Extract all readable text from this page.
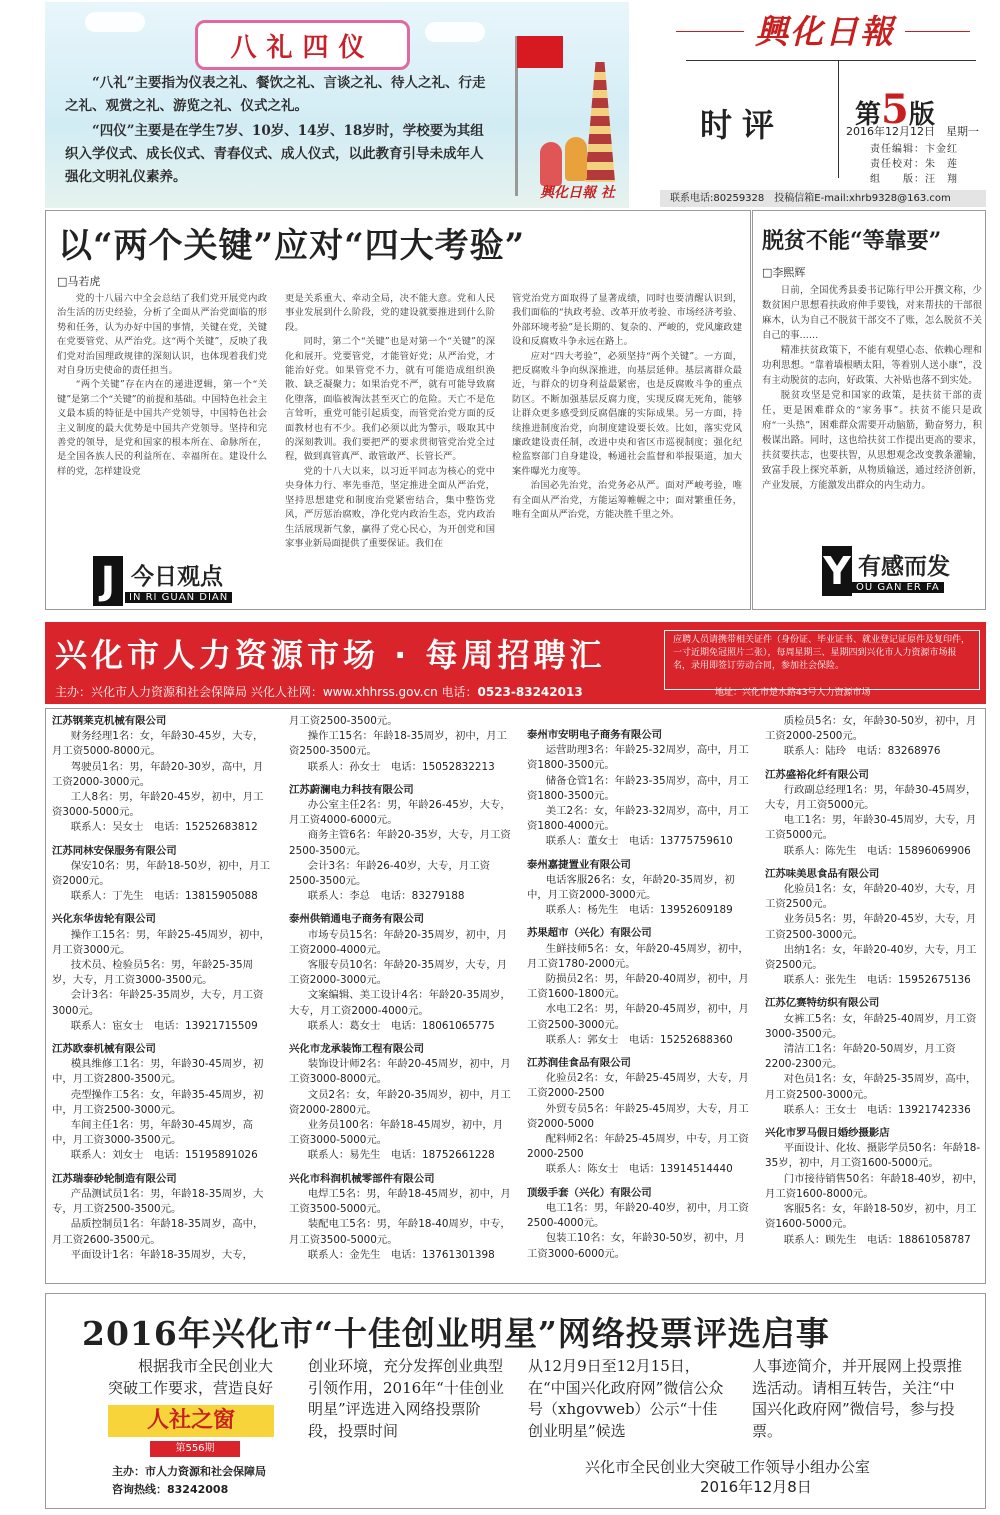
八礼四仪
“八礼”主要指为仪表之礼、餐饮之礼、言谈之礼、待人之礼、行走之礼、观赏之礼、游览之礼、仪式之礼。
“四仪”主要是在学生7岁、10岁、14岁、18岁时，学校要为其组织入学仪式、成长仪式、青春仪式、成人仪式，以此教育引导未成年人强化文明礼仪素养。
興化日報 社
興化日報
时评	第5版
2016年12月12日　星期一
责任编辑：卞金红
责任校对：朱　莲
组　　版：汪　翔
联系电话:80259328　投稿信箱E-mail:xhrb9328@163.com
以“两个关键”应对“四大考验”
□马若虎

党的十八届六中全会总结了我们党开展党内政治生活的历史经验，分析了全面从严治党面临的形势和任务，认为办好中国的事情，关键在党，关键在党要管党、从严治党。这“两个关键”，反映了我们党对治国理政规律的深刻认识，也体现着我们党对自身历史使命的责任担当。

“两个关键”存在内在的递进逻辑，第一个“关键”是第二个“关键”的前提和基础。中国特色社会主义最本质的特征是中国共产党领导，中国特色社会主义制度的最大优势是中国共产党领导。坚持和完善党的领导，是党和国家的根本所在、命脉所在，是全国各族人民的利益所在、幸福所在。建设什么样的党，怎样建设党

更是关系重大、牵动全局，决不能大意。党和人民事业发展到什么阶段，党的建设就要推进到什么阶段。

同时，第二个“关键”也是对第一个“关键”的深化和展开。党要管党，才能管好党；从严治党，才能治好党。如果管党不力，就有可能造成组织涣散、缺乏凝聚力；如果治党不严，就有可能导致腐化堕落，面临被淘汰甚至灭亡的危险。天亡不是危言耸听，重党可能引起质变，而管党治党方面的反面教材也有不少。我们必须以此为警示，吸取其中的深刻教训。我们要把严的要求贯彻管党治党全过程，做到真管真严、敢管敢严、长管长严。

党的十八大以来，以习近平同志为核心的党中央身体力行、率先垂范，坚定推进全面从严治党，坚持思想建党和制度治党紧密结合，集中整饬党风，严厉惩治腐败，净化党内政治生态，党内政治生活展现新气象，赢得了党心民心，为开创党和国家事业新局面提供了重要保证。我们在

管党治党方面取得了显著成绩，同时也要清醒认识到，我们面临的“执政考验、改革开放考验、市场经济考验、外部环境考验”是长期的、复杂的、严峻的，党风廉政建设和反腐败斗争永远在路上。

应对“四大考验”，必须坚持“两个关键”。一方面，把反腐败斗争向纵深推进，向基层延伸。基层离群众最近，与群众的切身利益最紧密，也是反腐败斗争的重点防区。不断加强基层反腐力度，实现反腐无死角，能够让群众更多感受到反腐倡廉的实际成果。另一方面，持续推进制度治党，向制度建设要长效。比如，落实党风廉政建设责任制，改进中央和省区市巡视制度；强化纪检监察部门自身建设，畅通社会监督和举报渠道，加大案件曝光力度等。

治国必先治党，治党务必从严。面对严峻考验，唯有全面从严治党，方能运筹帷幄之中；面对繁重任务，唯有全面从严治党，方能决胜千里之外。

J 今日观点
IN RI GUAN DIAN
脱贫不能“等靠要”
□李熙辉

日前，全国优秀县委书记陈行甲公开撰文称，少数贫困户思想看扶政府伸手要钱，对来帮扶的干部很麻木，认为自己不脱贫干部交不了账，怎么脱贫不关自己的事……

精准扶贫政策下，不能有观望心态、依赖心理和功利思想。“靠着墙根晒太阳，等着别人送小康”，没有主动脱贫的志向，好政策、大补贴也落不到实处。

脱贫攻坚是党和国家的政策，是扶贫干部的责任，更是困难群众的“家务事”。扶贫不能只是政府“一头热”，困难群众需要开动脑筋，勤奋努力，积极谋出路。同时，这也给扶贫工作提出更高的要求，扶贫要扶志，也要扶智，从思想观念改变教条灌输，致富手段上探究革新，从物质输送，通过经济创新，产业发展，方能激发出群众的内生动力。

Y 有感而发
OU GAN ER FA
兴化市人力资源市场 · 每周招聘汇
主办：兴化市人力资源和社会保障局 兴化人社网：www.xhhrss.gov.cn 电话：0523-83242013
应聘人员请携带相关证件（身份证、毕业证书、就业登记证原件及复印件，一寸近期免冠照片二张），每周星期三、星期四到兴化市人力资源市场报名，录用即签订劳动合同，参加社会保险。
地址：兴化市楚水路43号人力资源市场
江苏钢莱克机械有限公司
财务经理1名：女，年龄30-45岁，大专，月工资5000-8000元。
驾驶员1名：男，年龄20-30岁，高中，月工资2000-3000元。
工人8名：男，年龄20-45岁，初中，月工资3000-5000元。
联系人：吴女士　电话：15252683812
江苏同林安保服务有限公司
保安10名：男，年龄18-50岁，初中，月工资2000元。
联系人：丁先生　电话：13815905088
兴化东华齿轮有限公司
操作工15名：男，年龄25-45周岁，初中，月工资3000元。
技术员、检验员5名：男，年龄25-35周岁，大专，月工资3000-3500元。
会计3名：年龄25-35周岁，大专，月工资3000元。
联系人：宦女士　电话：13921715509
江苏欧泰机械有限公司
模具维修工1名：男，年龄30-45周岁，初中，月工资2800-3500元。
売型操作工5名：女，年龄35-45周岁，初中，月工资2500-3000元。
车间主任1名：男，年龄30-45周岁，高中，月工资3000-3500元。
联系人：刘女士　电话：15195891026
江苏瑞泰砂轮制造有限公司
产品测试员1名：男，年龄18-35周岁，大专，月工资2500-3500元。
品质控制员1名：年龄18-35周岁，高中，月工资2600-3500元。
平面设计1名：年龄18-35周岁，大专，
月工资2500-3500元。
操作工15名：年龄18-35周岁，初中，月工资2500-3500元。
联系人：孙女士　电话：15052832213
江苏蔚澜电力科技有限公司
办公室主任2名：男，年龄26-45岁，大专，月工资4000-6000元。
商务主管6名：年龄20-35岁，大专，月工资2500-3500元。
会计3名：年龄26-40岁，大专，月工资2500-3500元。
联系人：李总　电话：83279188
泰州供销通电子商务有限公司
市场专员15名：年龄20-35周岁，初中，月工资2000-4000元。
客服专员10名：年龄20-35周岁，大专，月工资2000-3000元。
文案编辑、美工设计4名：年龄20-35周岁，大专，月工资2000-4000元。
联系人：葛女士　电话：18061065775
兴化市龙承装饰工程有限公司
装饰设计师2名：年龄20-45周岁，初中，月工资3000-8000元。
文员2名：女，年龄20-35周岁，初中，月工资2000-2800元。
业务员100名：年龄18-45周岁，初中，月工资3000-5000元。
联系人：易先生　电话：18752661228
兴化市科润机械零部件有限公司
电焊工5名：男，年龄18-45周岁，初中，月工资3500-5000元。
装配电工5名：男，年龄18-40周岁，中专，月工资3500-5000元。
联系人：金先生　电话：13761301398
泰州市安明电子商务有限公司
运营助理3名：年龄25-32周岁，高中，月工资1800-3500元。
储备仓管1名：年龄23-35周岁，高中，月工资1800-3500元。
美工2名：女，年龄23-32周岁，高中，月工资1800-4000元。
联系人：董女士　电话：13775759610
泰州嘉捷置业有限公司
电话客服26名：女，年龄20-35周岁，初中，月工资2000-3000元。
联系人：杨先生　电话：13952609189
苏果超市（兴化）有限公司
生鲜技师5名：女，年龄20-45周岁，初中，月工资1780-2000元。
防损员2名：男，年龄20-40周岁，初中，月工资1600-1800元。
水电工2名：男，年龄20-45周岁，初中，月工资2500-3000元。
联系人：郭女士　电话：15252688360
江苏润佳食品有限公司
化验员2名：女，年龄25-45周岁，大专，月工资2000-2500
外贸专员5名：年龄25-45周岁，大专，月工资2000-5000
配料师2名：年龄25-45周岁，中专，月工资2000-2500
联系人：陈女士　电话：13914514440
顶级手套（兴化）有限公司
电工1名：男，年龄20-40岁，初中，月工资2500-4000元。
包装工10名：女，年龄30-50岁，初中，月工资3000-6000元。
质检员5名：女，年龄30-50岁，初中，月工资2000-2500元。
联系人：陆玲　电话：83268976
江苏盛裕化纤有限公司
行政副总经理1名：男，年龄30-45周岁，大专，月工资5000元。
电工1名：男，年龄30-45周岁，大专，月工资5000元。
联系人：陈先生　电话：15896069906
江苏味美思食品有限公司
化验员1名：女，年龄20-40岁，大专，月工资2500元。
业务员5名：男，年龄20-45岁，大专，月工资2500-3000元。
出纳1名：女，年龄20-40岁，大专，月工资2500元。
联系人：张先生　电话：15952675136
江苏亿赛特纺织有限公司
女裤工5名：女，年龄25-40周岁，月工资3000-3500元。
清洁工1名：年龄20-50周岁，月工资2200-2300元。
对色员1名：女，年龄25-35周岁，高中，月工资2500-3000元。
联系人：王女士　电话：13921742336
兴化市罗马假日婚纱摄影店
平面设计、化妆、摄影学员50名：年龄18-35岁，初中，月工资1600-5000元。
门市接待销售50名：年龄18-40岁，初中，月工资1600-8000元。
客服5名：女，年龄18-50岁，初中，月工资1600-5000元。
联系人：顾先生　电话：18861058787
2016年兴化市“十佳创业明星”网络投票评选启事
根据我市全民创业大突破工作要求，营造良好
创业环境，充分发挥创业典型引领作用，2016年“十佳创业明星”评选进入网络投票阶段，投票时间
从12月9日至12月15日，在“中国兴化政府网”微信公众号（xhgovweb）公示“十佳创业明星”候选
人事迹简介，并开展网上投票推选活动。请相互转告，关注“中国兴化政府网”微信号，参与投票。
人社之窗
第556期
主办：市人力资源和社会保障局
咨询热线：83242008
兴化市全民创业大突破工作领导小组办公室
2016年12月8日
